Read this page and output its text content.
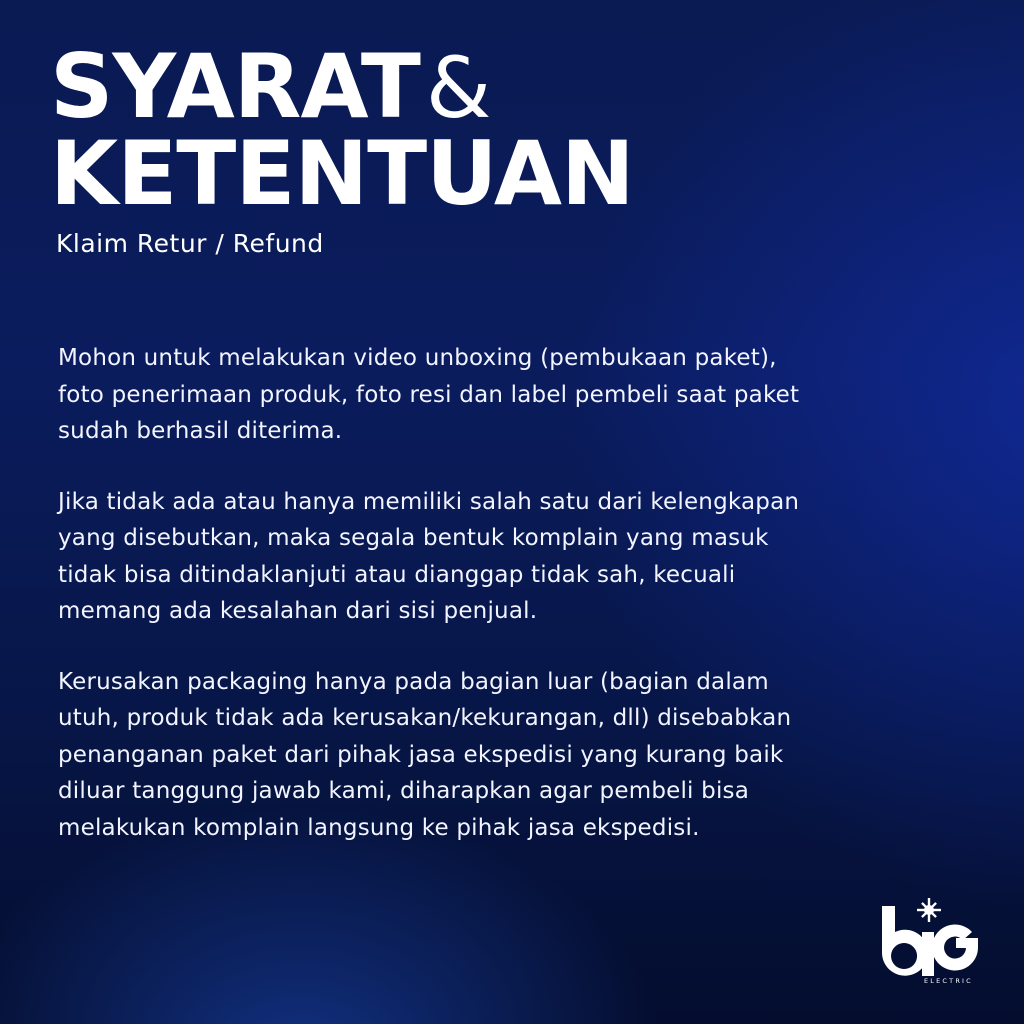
SYARAT&
KETENTUAN
Klaim Retur / Refund

Mohon untuk melakukan video unboxing (pembukaan paket),
foto penerimaan produk, foto resi dan label pembeli saat paket
sudah berhasil diterima.

Jika tidak ada atau hanya memiliki salah satu dari kelengkapan
yang disebutkan, maka segala bentuk komplain yang masuk
tidak bisa ditindaklanjuti atau dianggap tidak sah, kecuali
memang ada kesalahan dari sisi penjual.

Kerusakan packaging hanya pada bagian luar (bagian dalam
utuh, produk tidak ada kerusakan/kekurangan, dll) disebabkan
penanganan paket dari pihak jasa ekspedisi yang kurang baik
diluar tanggung jawab kami, diharapkan agar pembeli bisa
melakukan komplain langsung ke pihak jasa ekspedisi.

ELECTRIC
